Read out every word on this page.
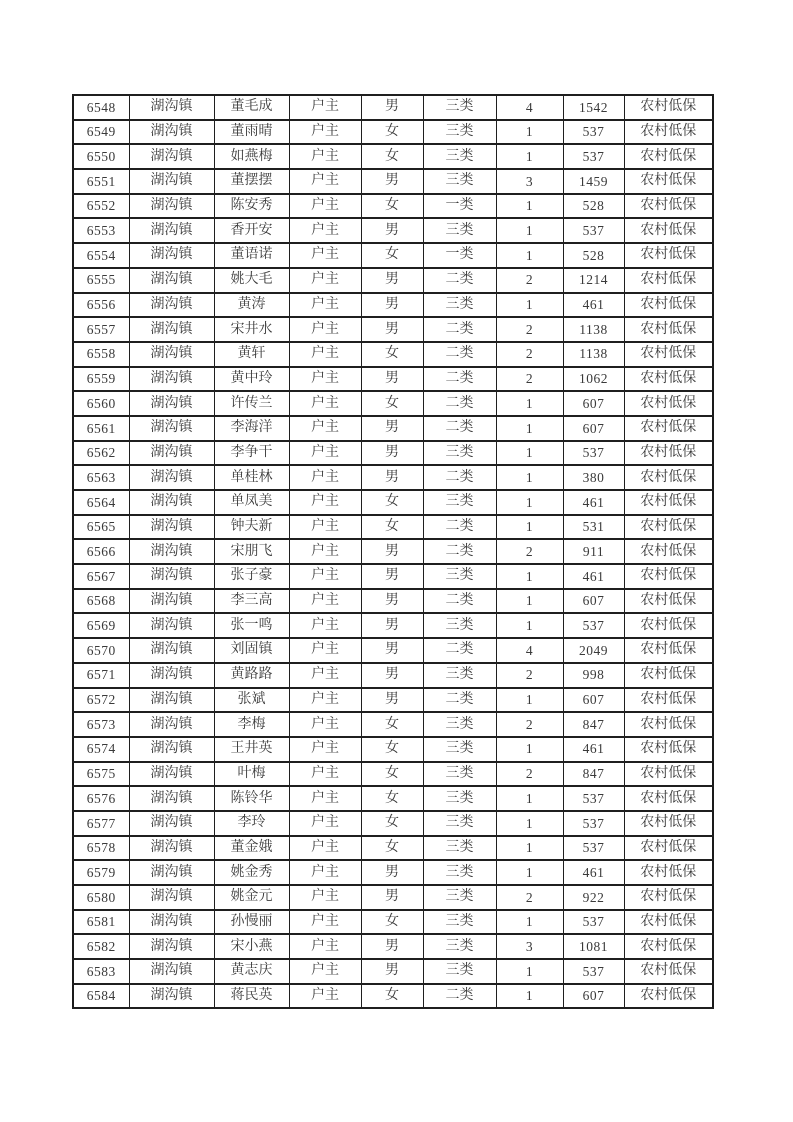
6548	湖沟镇	董毛成	户主	男	三类	4	1542	农村低保
6549	湖沟镇	董雨晴	户主	女	三类	1	537	农村低保
6550	湖沟镇	如燕梅	户主	女	三类	1	537	农村低保
6551	湖沟镇	董摆摆	户主	男	三类	3	1459	农村低保
6552	湖沟镇	陈安秀	户主	女	一类	1	528	农村低保
6553	湖沟镇	香开安	户主	男	三类	1	537	农村低保
6554	湖沟镇	董语诺	户主	女	一类	1	528	农村低保
6555	湖沟镇	姚大毛	户主	男	二类	2	1214	农村低保
6556	湖沟镇	黄涛	户主	男	三类	1	461	农村低保
6557	湖沟镇	宋井水	户主	男	二类	2	1138	农村低保
6558	湖沟镇	黄轩	户主	女	二类	2	1138	农村低保
6559	湖沟镇	黄中玲	户主	男	二类	2	1062	农村低保
6560	湖沟镇	许传兰	户主	女	二类	1	607	农村低保
6561	湖沟镇	李海洋	户主	男	二类	1	607	农村低保
6562	湖沟镇	李争干	户主	男	三类	1	537	农村低保
6563	湖沟镇	单桂林	户主	男	二类	1	380	农村低保
6564	湖沟镇	单凤美	户主	女	三类	1	461	农村低保
6565	湖沟镇	钟夫新	户主	女	二类	1	531	农村低保
6566	湖沟镇	宋朋飞	户主	男	二类	2	911	农村低保
6567	湖沟镇	张子豪	户主	男	三类	1	461	农村低保
6568	湖沟镇	李三高	户主	男	二类	1	607	农村低保
6569	湖沟镇	张一鸣	户主	男	三类	1	537	农村低保
6570	湖沟镇	刘固镇	户主	男	二类	4	2049	农村低保
6571	湖沟镇	黄路路	户主	男	三类	2	998	农村低保
6572	湖沟镇	张斌	户主	男	二类	1	607	农村低保
6573	湖沟镇	李梅	户主	女	三类	2	847	农村低保
6574	湖沟镇	王井英	户主	女	三类	1	461	农村低保
6575	湖沟镇	叶梅	户主	女	三类	2	847	农村低保
6576	湖沟镇	陈铃华	户主	女	三类	1	537	农村低保
6577	湖沟镇	李玲	户主	女	三类	1	537	农村低保
6578	湖沟镇	董金娥	户主	女	三类	1	537	农村低保
6579	湖沟镇	姚金秀	户主	男	三类	1	461	农村低保
6580	湖沟镇	姚金元	户主	男	三类	2	922	农村低保
6581	湖沟镇	孙慢丽	户主	女	三类	1	537	农村低保
6582	湖沟镇	宋小燕	户主	男	三类	3	1081	农村低保
6583	湖沟镇	黄志庆	户主	男	三类	1	537	农村低保
6584	湖沟镇	蒋民英	户主	女	二类	1	607	农村低保
